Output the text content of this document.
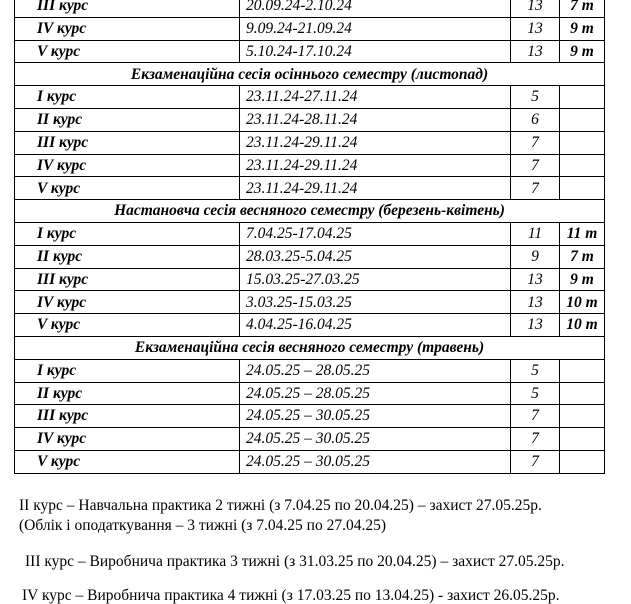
ІІІ курс	20.09.24-2.10.24	13	7 т
IV курс	9.09.24-21.09.24	13	9 т
V курс	5.10.24-17.10.24	13	9 т
Екзаменаційна сесія осіннього семестру (листопад)			
І курс	23.11.24-27.11.24	5	
ІІ курс	23.11.24-28.11.24	6	
ІІІ курс	23.11.24-29.11.24	7	
IV курс	23.11.24-29.11.24	7	
V курс	23.11.24-29.11.24	7	
Настановча сесія весняного семестру (березень-квітень)			
І курс	7.04.25-17.04.25	11	11 т
ІІ курс	28.03.25-5.04.25	9	7 т
ІІІ курс	15.03.25-27.03.25	13	9 т
IV курс	3.03.25-15.03.25	13	10 т
V курс	4.04.25-16.04.25	13	10 т
Екзаменаційна сесія весняного семестру (травень)			
І курс	24.05.25 – 28.05.25	5	
ІІ курс	24.05.25 – 28.05.25	5	
ІІІ курс	24.05.25 – 30.05.25	7	
IV курс	24.05.25 – 30.05.25	7	
V курс	24.05.25 – 30.05.25	7	

ІІ курс – Навчальна практика 2 тижні (з 7.04.25 по 20.04.25) – захист 27.05.25р.

(Облік і оподаткування – 3 тижні (з 7.04.25 по 27.04.25)

ІІІ курс – Виробнича практика 3 тижні (з 31.03.25 по 20.04.25) – захист 27.05.25р.

IV курс – Виробнича практика 4 тижні (з 17.03.25 по 13.04.25) - захист 26.05.25р.
